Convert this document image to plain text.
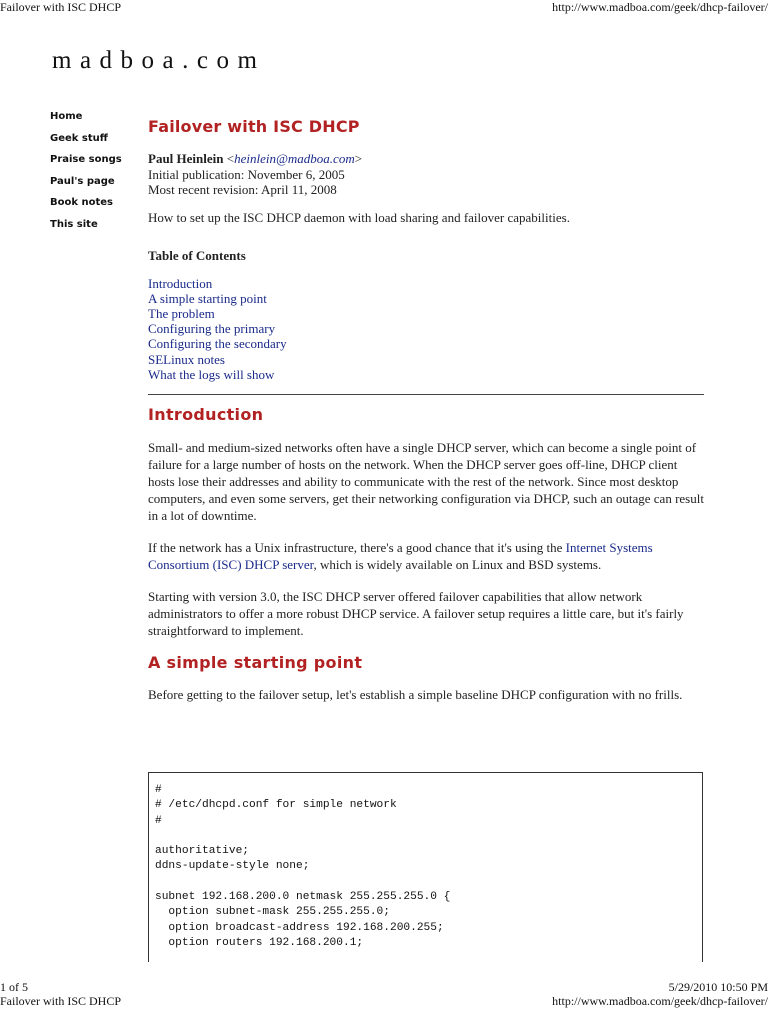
Failover with ISC DHCP	http://www.madboa.com/geek/dhcp-failover/
madboa.com
Home
Geek stuff
Praise songs
Paul's page
Book notes
This site
Failover with ISC DHCP
Paul Heinlein <heinlein@madboa.com>
Initial publication: November 6, 2005
Most recent revision: April 11, 2008
How to set up the ISC DHCP daemon with load sharing and failover capabilities.
Table of Contents
Introduction
A simple starting point
The problem
Configuring the primary
Configuring the secondary
SELinux notes
What the logs will show
Introduction

Small- and medium-sized networks often have a single DHCP server, which can become a single point of failure for a large number of hosts on the network. When the DHCP server goes off-line, DHCP client hosts lose their addresses and ability to communicate with the rest of the network. Since most desktop computers, and even some servers, get their networking configuration via DHCP, such an outage can result in a lot of downtime.

If the network has a Unix infrastructure, there's a good chance that it's using the Internet Systems Consortium (ISC) DHCP server, which is widely available on Linux and BSD systems.

Starting with version 3.0, the ISC DHCP server offered failover capabilities that allow network administrators to offer a more robust DHCP service. A failover setup requires a little care, but it's fairly straightforward to implement.

A simple starting point

Before getting to the failover setup, let's establish a simple baseline DHCP configuration with no frills.

#
# /etc/dhcpd.conf for simple network
#

authoritative;
ddns-update-style none;

subnet 192.168.200.0 netmask 255.255.255.0 {
option subnet-mask 255.255.255.0;
option broadcast-address 192.168.200.255;
option routers 192.168.200.1;
1 of 5	5/29/2010 10:50 PM
Failover with ISC DHCP	http://www.madboa.com/geek/dhcp-failover/
